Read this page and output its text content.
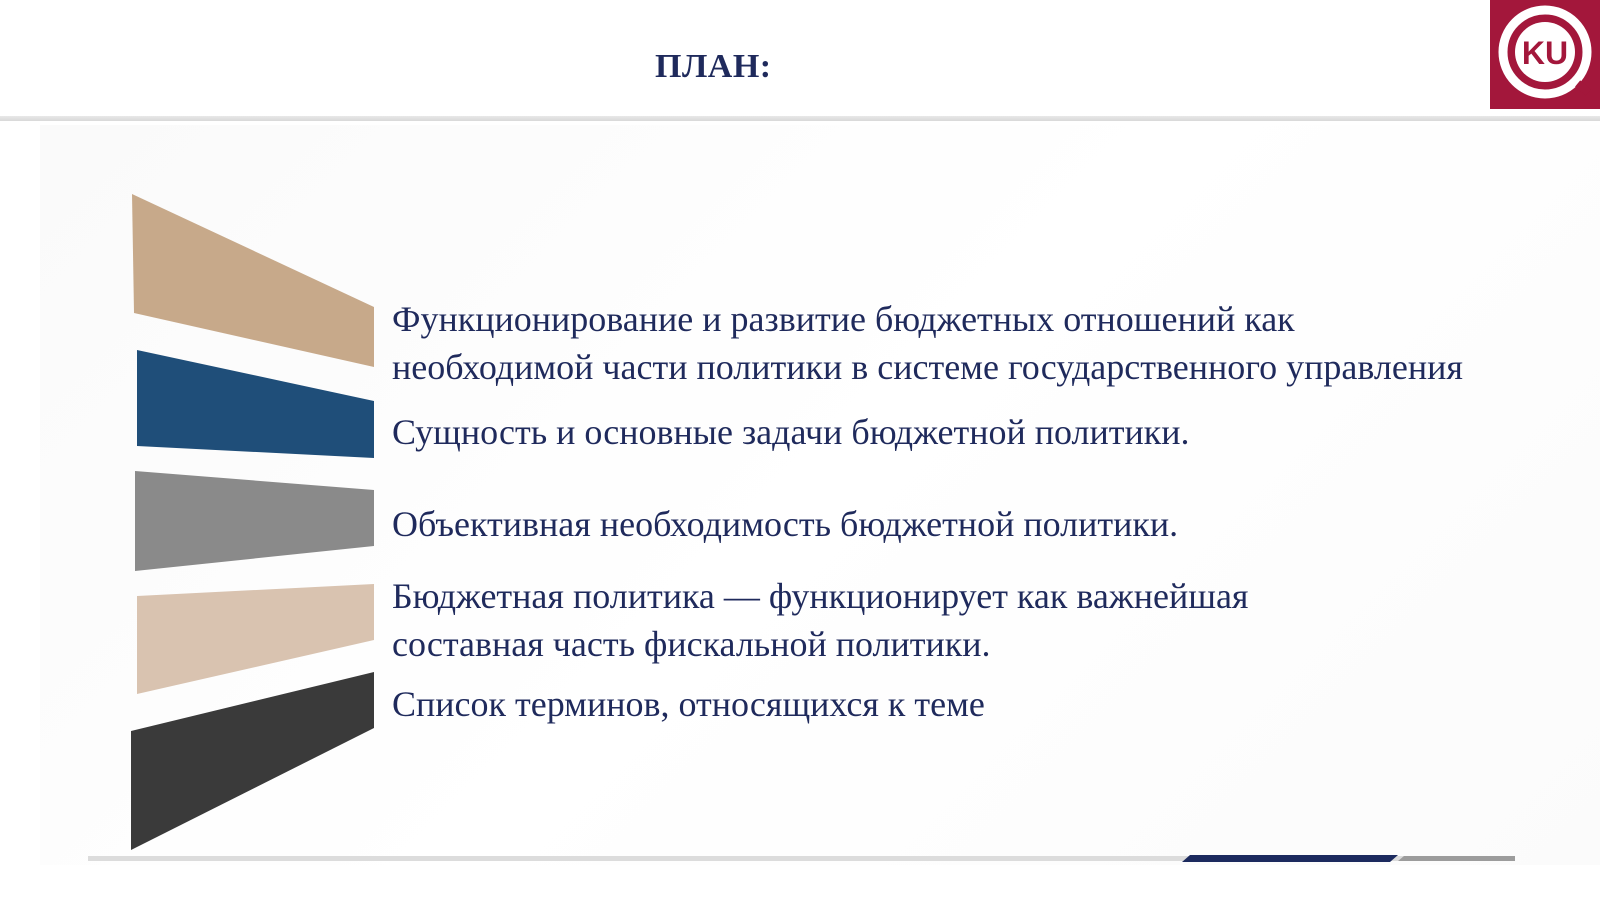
ПЛАН:	KU
Функционирование и развитие бюджетных отношений как
необходимой части политики в системе государственного управления
Сущность и основные задачи бюджетной политики.
Объективная необходимость бюджетной политики.
Бюджетная политика — функционирует как важнейшая
составная часть фискальной политики.
Список терминов, относящихся к теме
